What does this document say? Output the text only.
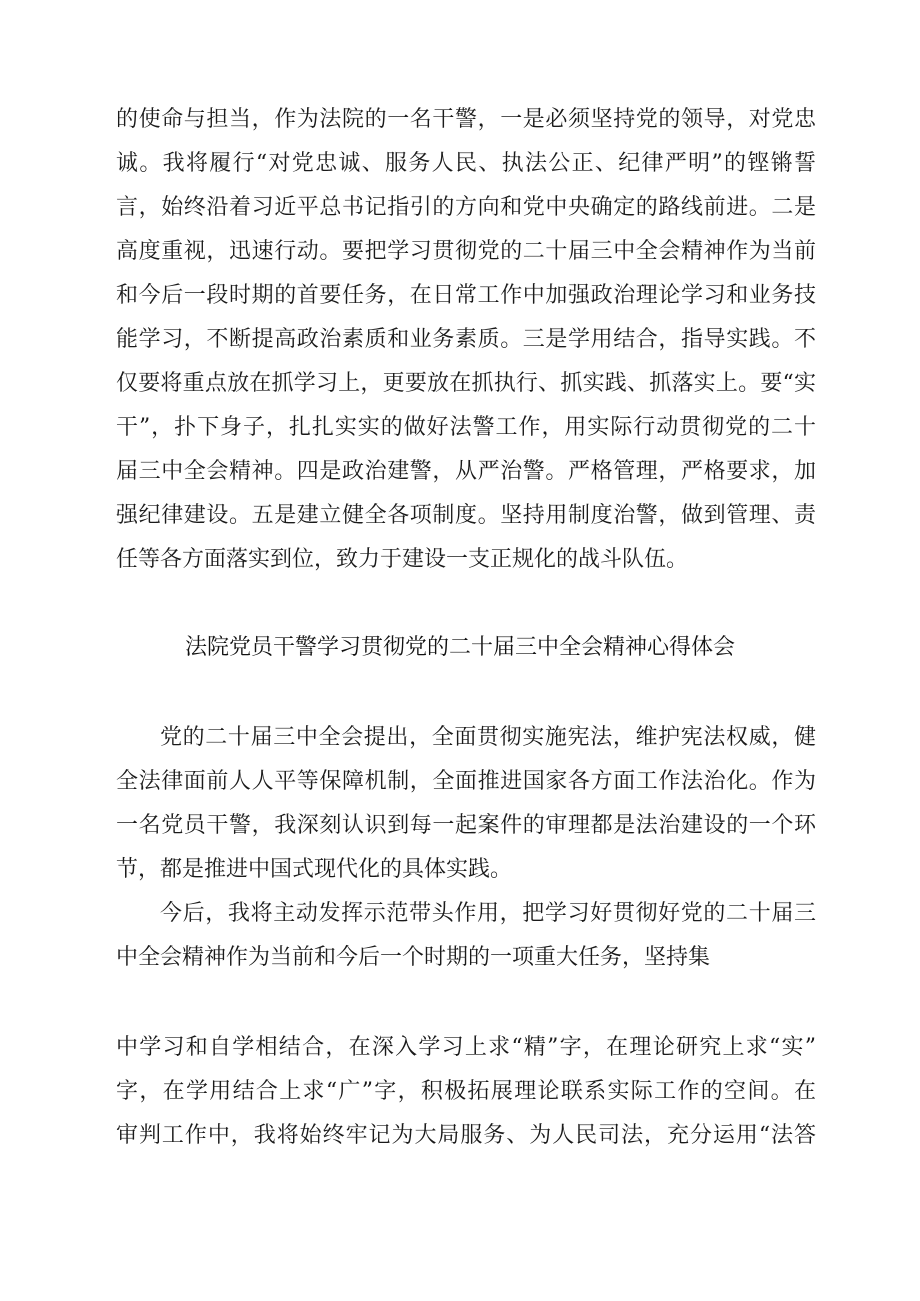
的使命与担当，作为法院的一名干警，一是必须坚持党的领导，对党忠
诚。我将履行“对党忠诚、服务人民、执法公正、纪律严明”的铿锵誓
言，始终沿着习近平总书记指引的方向和党中央确定的路线前进。二是
高度重视，迅速行动。要把学习贯彻党的二十届三中全会精神作为当前
和今后一段时期的首要任务，在日常工作中加强政治理论学习和业务技
能学习，不断提高政治素质和业务素质。三是学用结合，指导实践。不
仅要将重点放在抓学习上，更要放在抓执行、抓实践、抓落实上。要“实
干”，扑下身子，扎扎实实的做好法警工作，用实际行动贯彻党的二十
届三中全会精神。四是政治建警，从严治警。严格管理，严格要求，加
强纪律建设。五是建立健全各项制度。坚持用制度治警，做到管理、责
任等各方面落实到位，致力于建设一支正规化的战斗队伍。
法院党员干警学习贯彻党的二十届三中全会精神心得体会
党的二十届三中全会提出，全面贯彻实施宪法，维护宪法权威，健
全法律面前人人平等保障机制，全面推进国家各方面工作法治化。作为
一名党员干警，我深刻认识到每一起案件的审理都是法治建设的一个环
节，都是推进中国式现代化的具体实践。
今后，我将主动发挥示范带头作用，把学习好贯彻好党的二十届三
中全会精神作为当前和今后一个时期的一项重大任务，坚持集
中学习和自学相结合，在深入学习上求“精”字，在理论研究上求“实”
字，在学用结合上求“广”字，积极拓展理论联系实际工作的空间。在
审判工作中，我将始终牢记为大局服务、为人民司法，充分运用“法答
